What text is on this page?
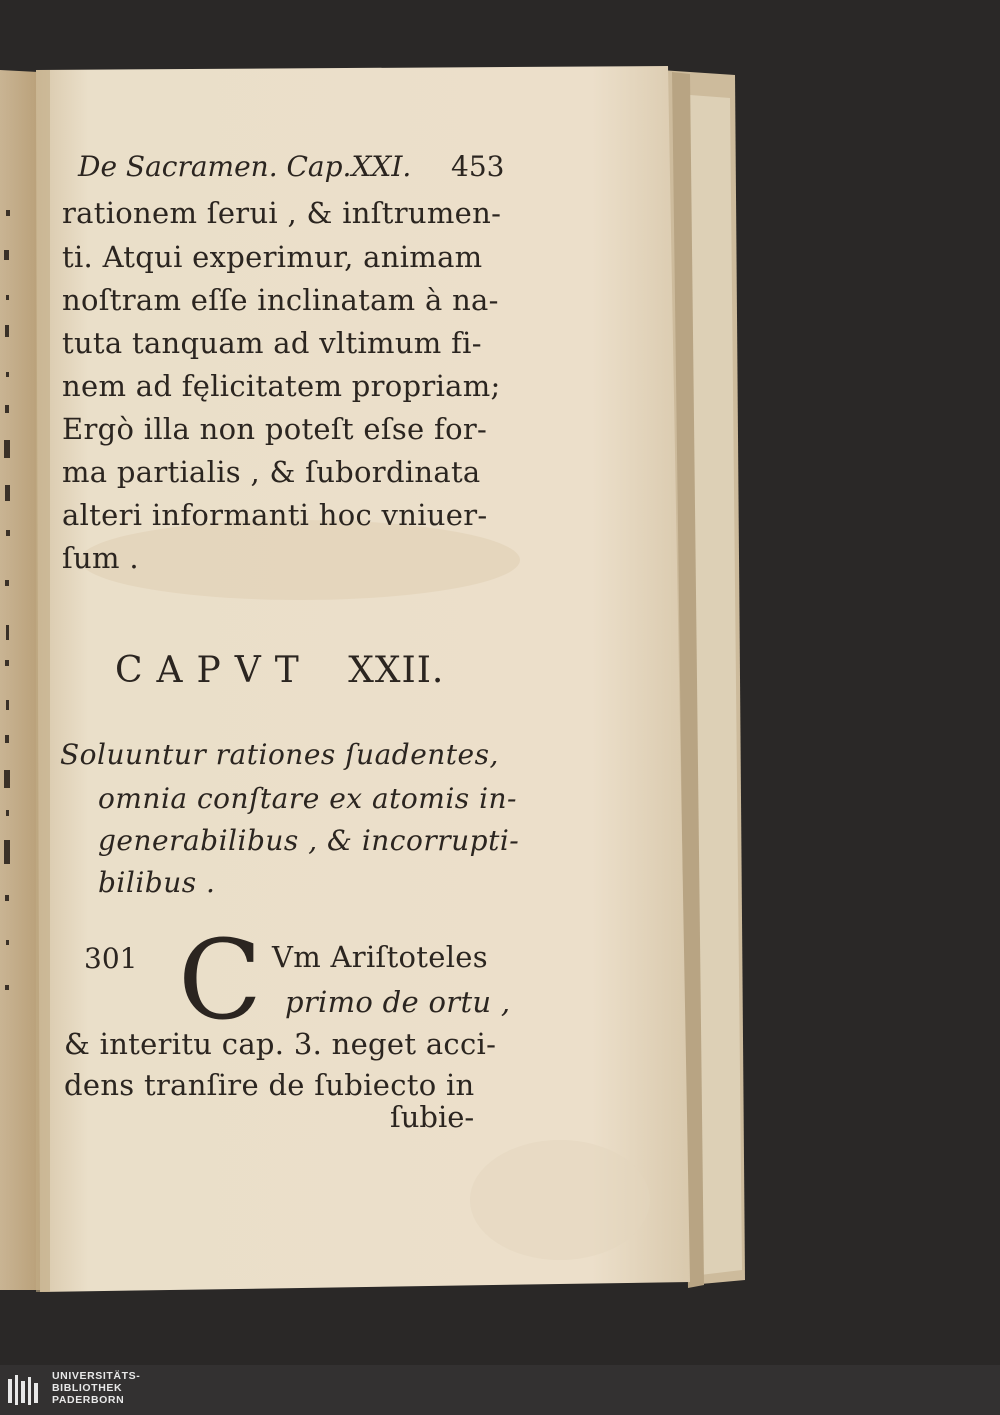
De Sacramen. Cap.XXI. 453
rationem ſerui , & inſtrumen-
ti. Atqui experimur, animam
noſtram eſſe inclinatam à na-
tuta tanquam ad vltimum fi-
nem ad fęlicitatem propriam;
Ergò illa non poteſt eſse for-
ma partialis , & ſubordinata
alteri informanti hoc vniuer-
ſum .
CAPVT XXII.
Soluuntur rationes ſuadentes,
omnia conſtare ex atomis in-
generabilibus , & incorrupti-
bilibus .
301 C Vm Ariſtoteles
primo de ortu ,
& interitu cap. 3. neget acci-
dens tranſire de ſubiecto in
ſubie-
UNIVERSITÄTS-
BIBLIOTHEK
PADERBORN
